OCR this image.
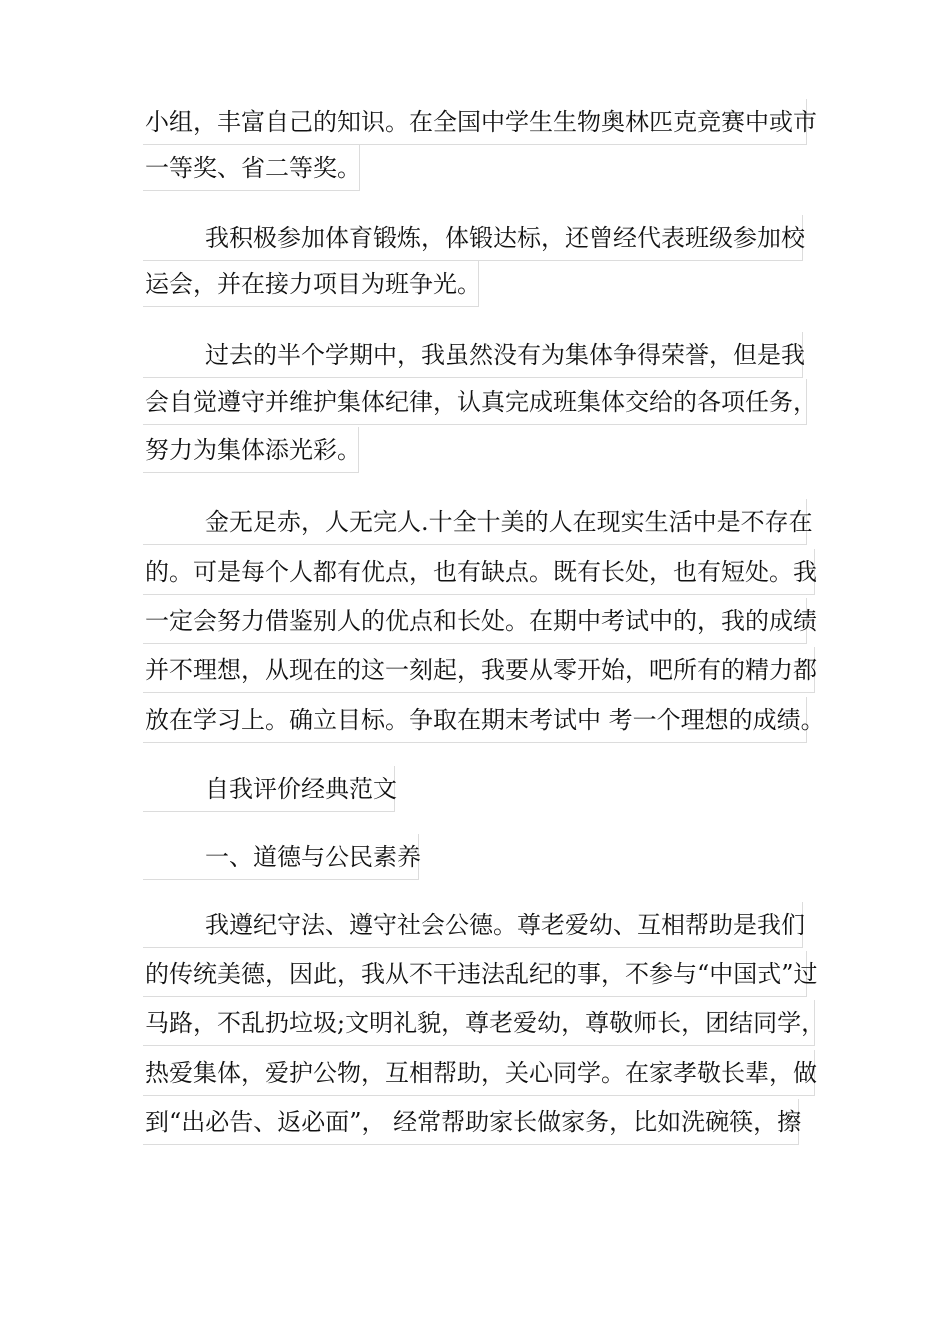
小组，丰富自己的知识。在全国中学生生物奥林匹克竞赛中或市
一等奖、省二等奖。
我积极参加体育锻炼，体锻达标，还曾经代表班级参加校
运会，并在接力项目为班争光。
过去的半个学期中，我虽然没有为集体争得荣誉，但是我
会自觉遵守并维护集体纪律，认真完成班集体交给的各项任务，
努力为集体添光彩。
金无足赤，人无完人.十全十美的人在现实生活中是不存在
的。可是每个人都有优点，也有缺点。既有长处，也有短处。我
一定会努力借鉴别人的优点和长处。在期中考试中的，我的成绩
并不理想，从现在的这一刻起，我要从零开始，吧所有的精力都
放在学习上。确立目标。争取在期末考试中 考一个理想的成绩。
自我评价经典范文
一、道德与公民素养
我遵纪守法、遵守社会公德。尊老爱幼、互相帮助是我们
的传统美德，因此，我从不干违法乱纪的事，不参与“中国式”过
马路，不乱扔垃圾;文明礼貌，尊老爱幼，尊敬师长，团结同学，
热爱集体，爱护公物，互相帮助，关心同学。在家孝敬长辈，做
到“出必告、返必面”， 经常帮助家长做家务，比如洗碗筷，擦
